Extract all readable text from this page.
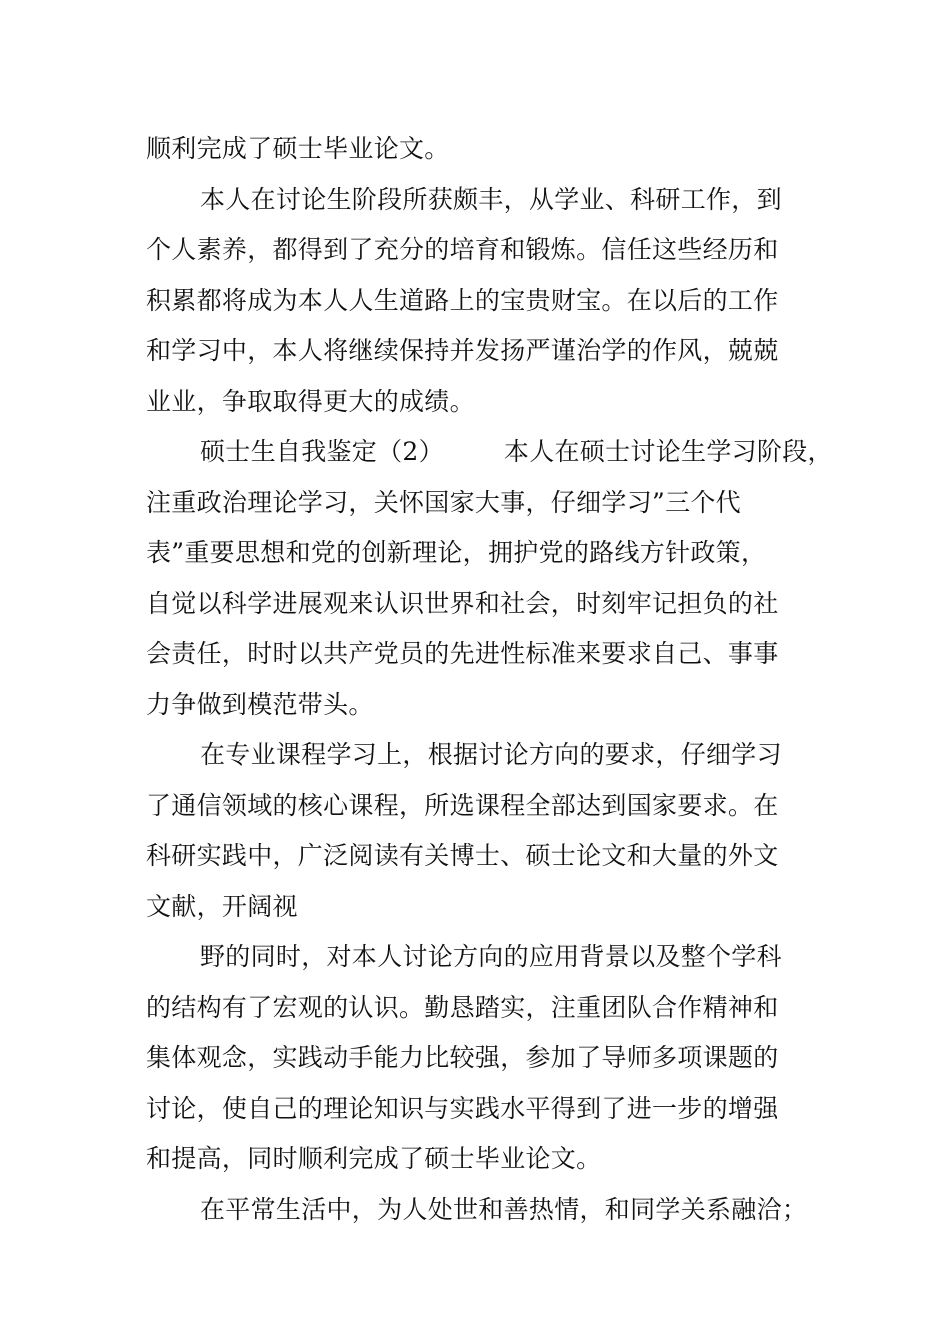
顺利完成了硕士毕业论文。
本人在讨论生阶段所获颇丰，从学业、科研工作，到
个人素养，都得到了充分的培育和锻炼。信任这些经历和
积累都将成为本人人生道路上的宝贵财宝。在以后的工作
和学习中，本人将继续保持并发扬严谨治学的作风，兢兢
业业，争取取得更大的成绩。
硕士生自我鉴定（2） 本人在硕士讨论生学习阶段，
注重政治理论学习，关怀国家大事，仔细学习”三个代
表”重要思想和党的创新理论，拥护党的路线方针政策，
自觉以科学进展观来认识世界和社会，时刻牢记担负的社
会责任，时时以共产党员的先进性标准来要求自己、事事
力争做到模范带头。
在专业课程学习上，根据讨论方向的要求，仔细学习
了通信领域的核心课程，所选课程全部达到国家要求。在
科研实践中，广泛阅读有关博士、硕士论文和大量的外文
文献，开阔视
野的同时，对本人讨论方向的应用背景以及整个学科
的结构有了宏观的认识。勤恳踏实，注重团队合作精神和
集体观念，实践动手能力比较强，参加了导师多项课题的
讨论，使自己的理论知识与实践水平得到了进一步的增强
和提高，同时顺利完成了硕士毕业论文。
在平常生活中，为人处世和善热情，和同学关系融洽；
